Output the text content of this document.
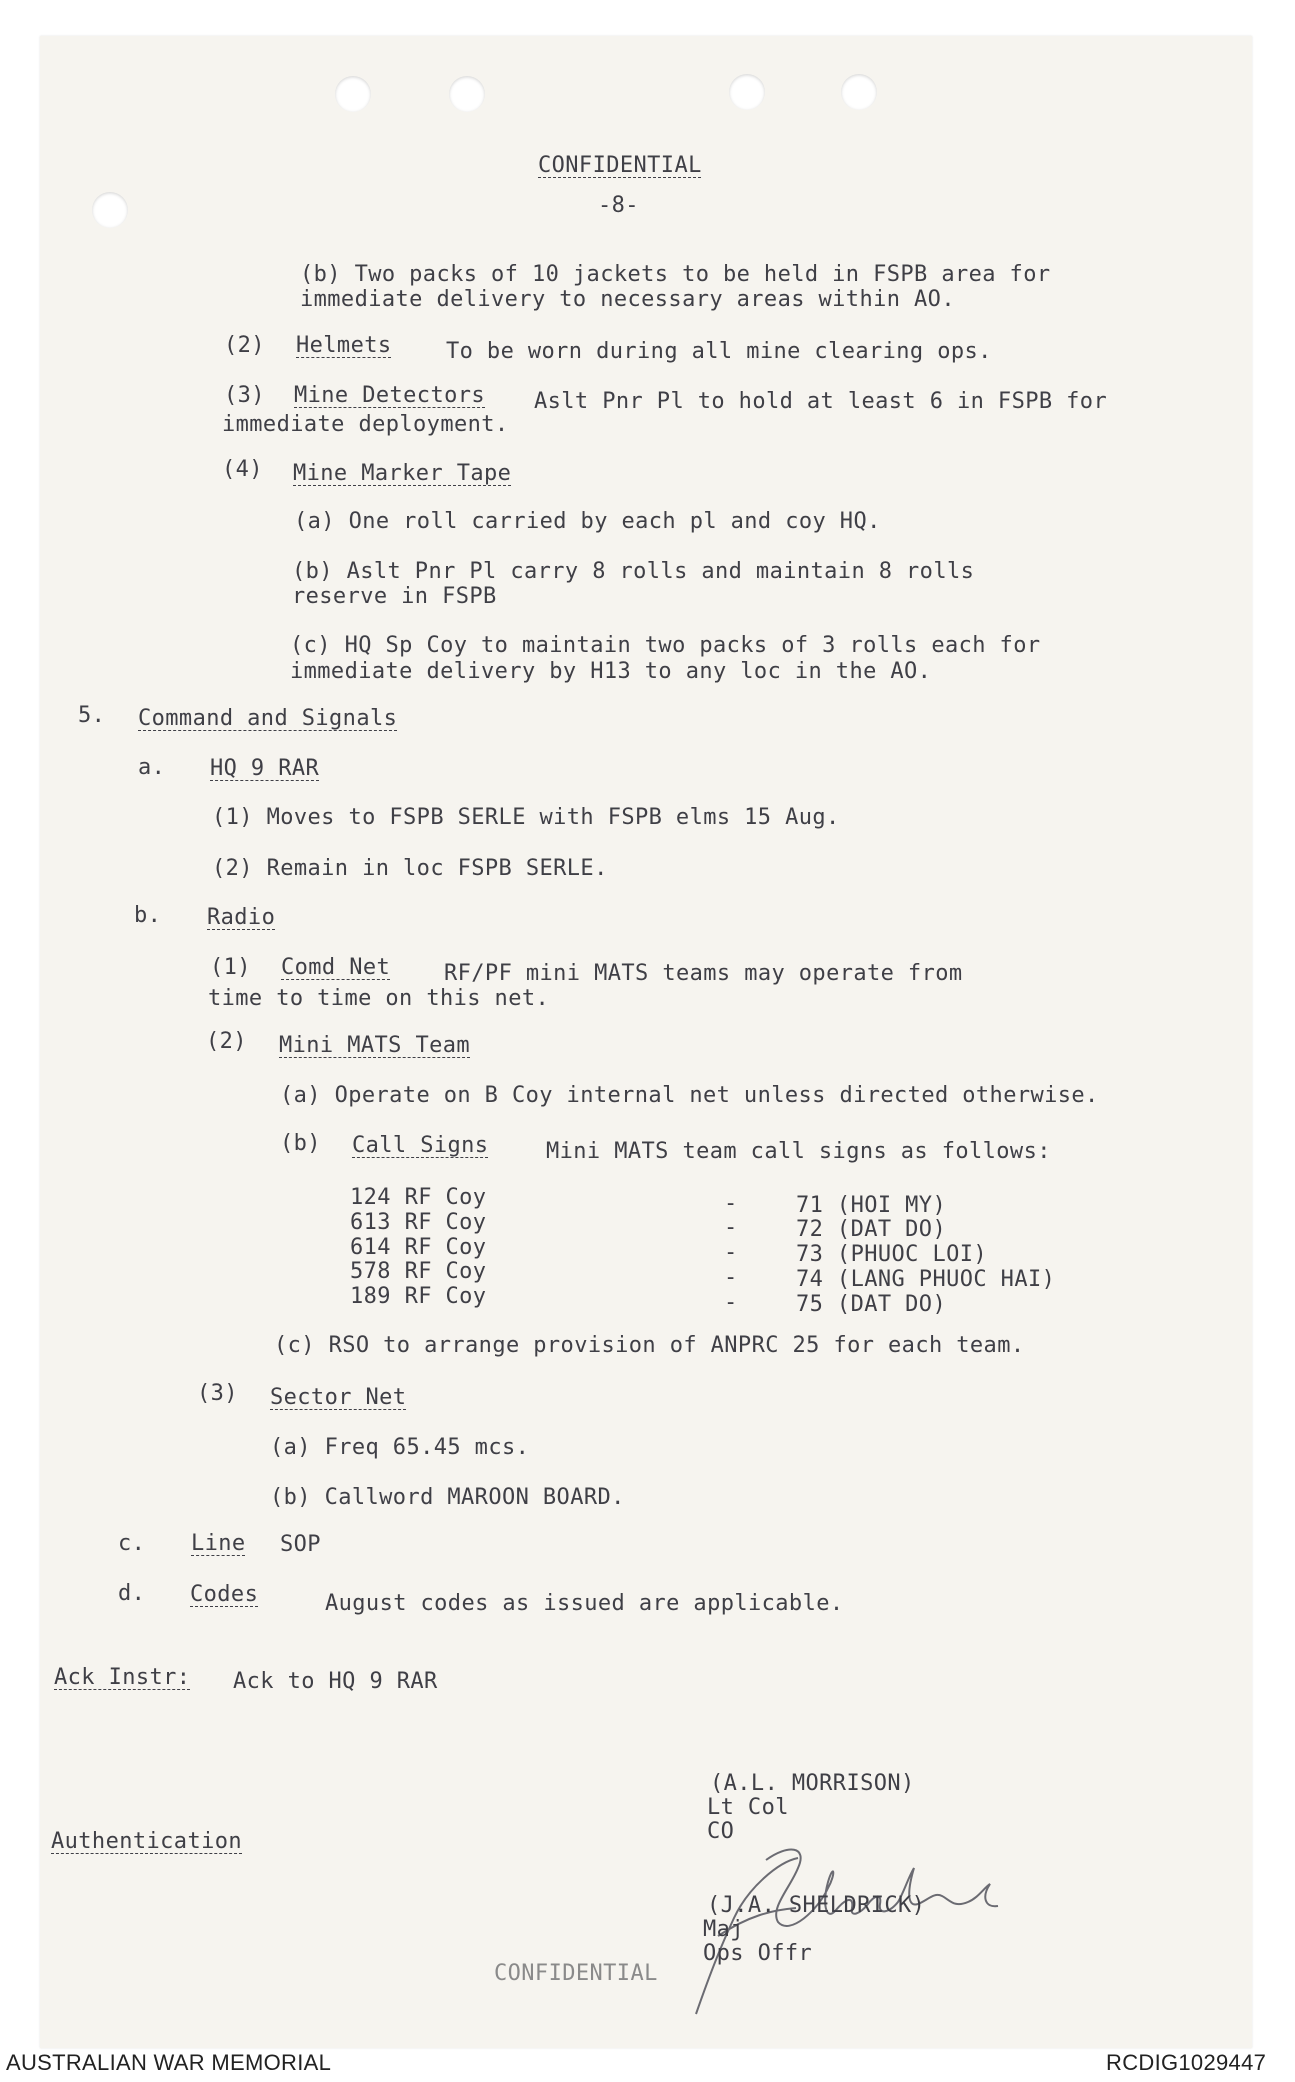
CONFIDENTIAL
-8-
(b) Two packs of 10 jackets to be held in FSPB area for
immediate delivery to necessary areas within AO.
(2) Helmets To be worn during all mine clearing ops.
(3) Mine Detectors Aslt Pnr Pl to hold at least 6 in FSPB for
immediate deployment.
(4) Mine Marker Tape
(a) One roll carried by each pl and coy HQ.
(b) Aslt Pnr Pl carry 8 rolls and maintain 8 rolls
reserve in FSPB
(c) HQ Sp Coy to maintain two packs of 3 rolls each for
immediate delivery by H13 to any loc in the AO.
5. Command and Signals
a. HQ 9 RAR
(1) Moves to FSPB SERLE with FSPB elms 15 Aug.
(2) Remain in loc FSPB SERLE.
b. Radio
(1) Comd Net RF/PF mini MATS teams may operate from
time to time on this net.
(2) Mini MATS Team
(a) Operate on B Coy internal net unless directed otherwise.
(b) Call Signs	Mini MATS team call signs as follows:
124 RF Coy	-	71 (HOI MY)
613 RF Coy	-	72 (DAT DO)
614 RF Coy	-	73 (PHUOC LOI)
578 RF Coy	-	74 (LANG PHUOC HAI)
189 RF Coy	-	75 (DAT DO)
(c) RSO to arrange provision of ANPRC 25 for each team.
(3) Sector Net
(a) Freq 65.45 mcs.
(b) Callword MAROON BOARD.
c. Line SOP
d. Codes	August codes as issued are applicable.
Ack Instr: Ack to HQ 9 RAR
Authentication
(A.L. MORRISON)
Lt Col
CO
(J.A. SHELDRICK)
Maj
Ops Offr
CONFIDENTIAL
AUSTRALIAN WAR MEMORIAL	RCDIG1029447
